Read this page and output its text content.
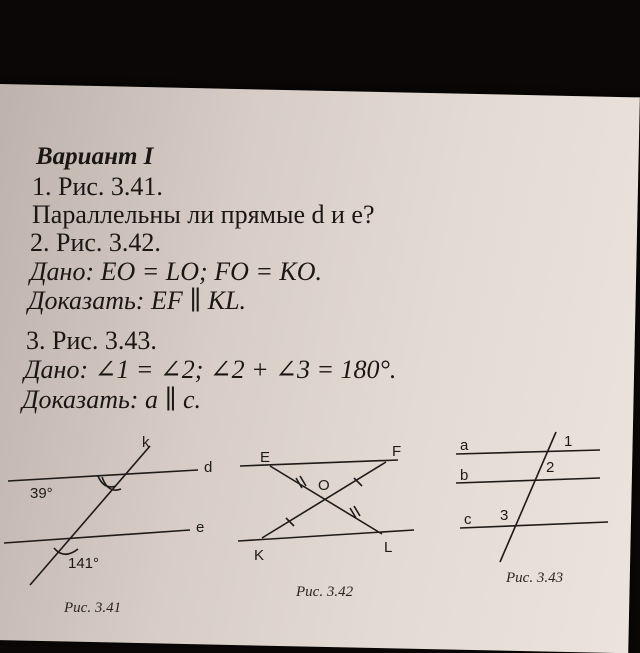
Вариант I
1. Рис. 3.41.
Параллельны ли прямые d и e?
2. Рис. 3.42.
Дано: EO = LO; FO = KO.
Доказать: EF ∥ KL.
3. Рис. 3.43.
Дано: ∠1 = ∠2; ∠2 + ∠3 = 180°.
Доказать: a ∥ c.
k
d
e
39°
141°
Рис. 3.41
E	F
O
K	L
Рис. 3.42
a
b
c
1
2
3
Рис. 3.43
